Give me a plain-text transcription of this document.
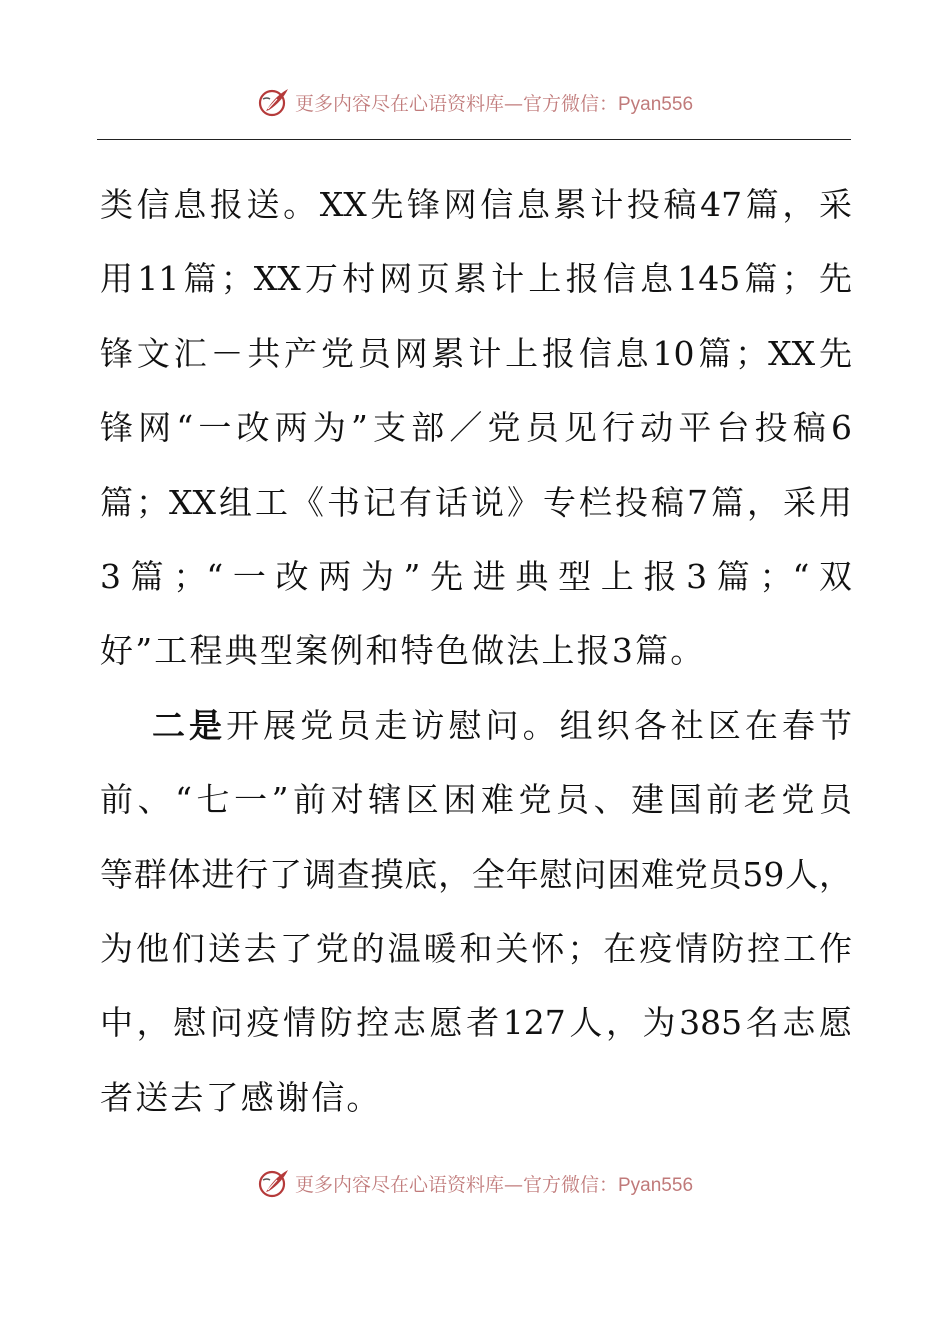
更多内容尽在心语资料库—官方微信：Pyan556
类信息报送。XX先锋网信息累计投稿47篇，采
用11篇；XX万村网页累计上报信息145篇；先
锋文汇－共产党员网累计上报信息10篇；XX先
锋网“一改两为”支部／党员见行动平台投稿6
篇；XX组工《书记有话说》专栏投稿7篇，采用
3篇；“一改两为”先进典型上报3篇；“双
好”工程典型案例和特色做法上报3篇。
二是开展党员走访慰问。组织各社区在春节
前、“七一”前对辖区困难党员、建国前老党员
等群体进行了调查摸底，全年慰问困难党员59人，
为他们送去了党的温暖和关怀；在疫情防控工作
中，慰问疫情防控志愿者127人，为385名志愿
者送去了感谢信。
更多内容尽在心语资料库—官方微信：Pyan556
